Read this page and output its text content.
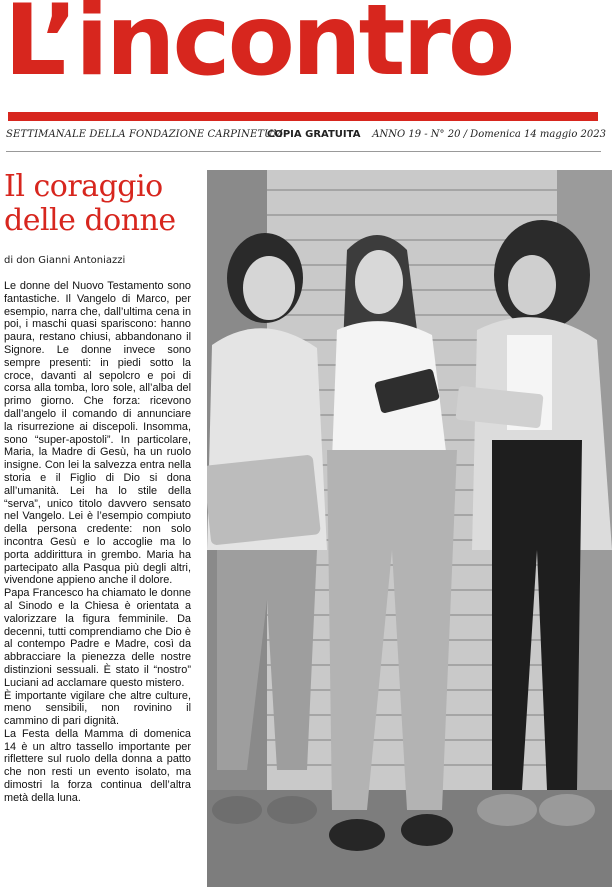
L’incontro
SETTIMANALE DELLA FONDAZIONE CARPINETUM
COPIA GRATUITA ANNO 19 - N° 20 / Domenica 14 maggio 2023
Il coraggio
delle donne
di don Gianni Antoniazzi

Le donne del Nuovo Testamento sono fantastiche. Il Vangelo di Marco, per esempio, narra che, dall’ultima cena in poi, i maschi quasi spariscono: hanno paura, restano chiusi, abbandonano il Signore. Le donne invece sono sempre presenti: in piedi sotto la croce, davanti al sepolcro e poi di corsa alla tomba, loro sole, all’alba del primo giorno. Che forza: ricevono dall’angelo il comando di annunciare la risurrezione ai discepoli. Insomma, sono “super-apostoli”. In particolare, Maria, la Madre di Gesù, ha un ruolo insigne. Con lei la salvezza entra nella storia e il Figlio di Dio si dona all’umanità. Lei ha lo stile della “serva”, unico titolo davvero sensato nel Vangelo. Lei è l’esempio compiuto della persona credente: non solo incontra Gesù e lo accoglie ma lo porta addirittura in grembo. Maria ha partecipato alla Pasqua più degli altri, vivendone appieno anche il dolore.

Papa Francesco ha chiamato le donne al Sinodo e la Chiesa è orientata a valorizzare la figura femminile. Da decenni, tutti comprendiamo che Dio è al contempo Padre e Madre, così da abbracciare la pienezza delle nostre distinzioni sessuali. È stato il “nostro” Luciani ad acclamare questo mistero.

È importante vigilare che altre culture, meno sensibili, non rovinino il cammino di pari dignità.

La Festa della Mamma di domenica 14 è un altro tassello importante per riflettere sul ruolo della donna a patto che non resti un evento isolato, ma dimostri la forza continua dell’altra metà della luna.
